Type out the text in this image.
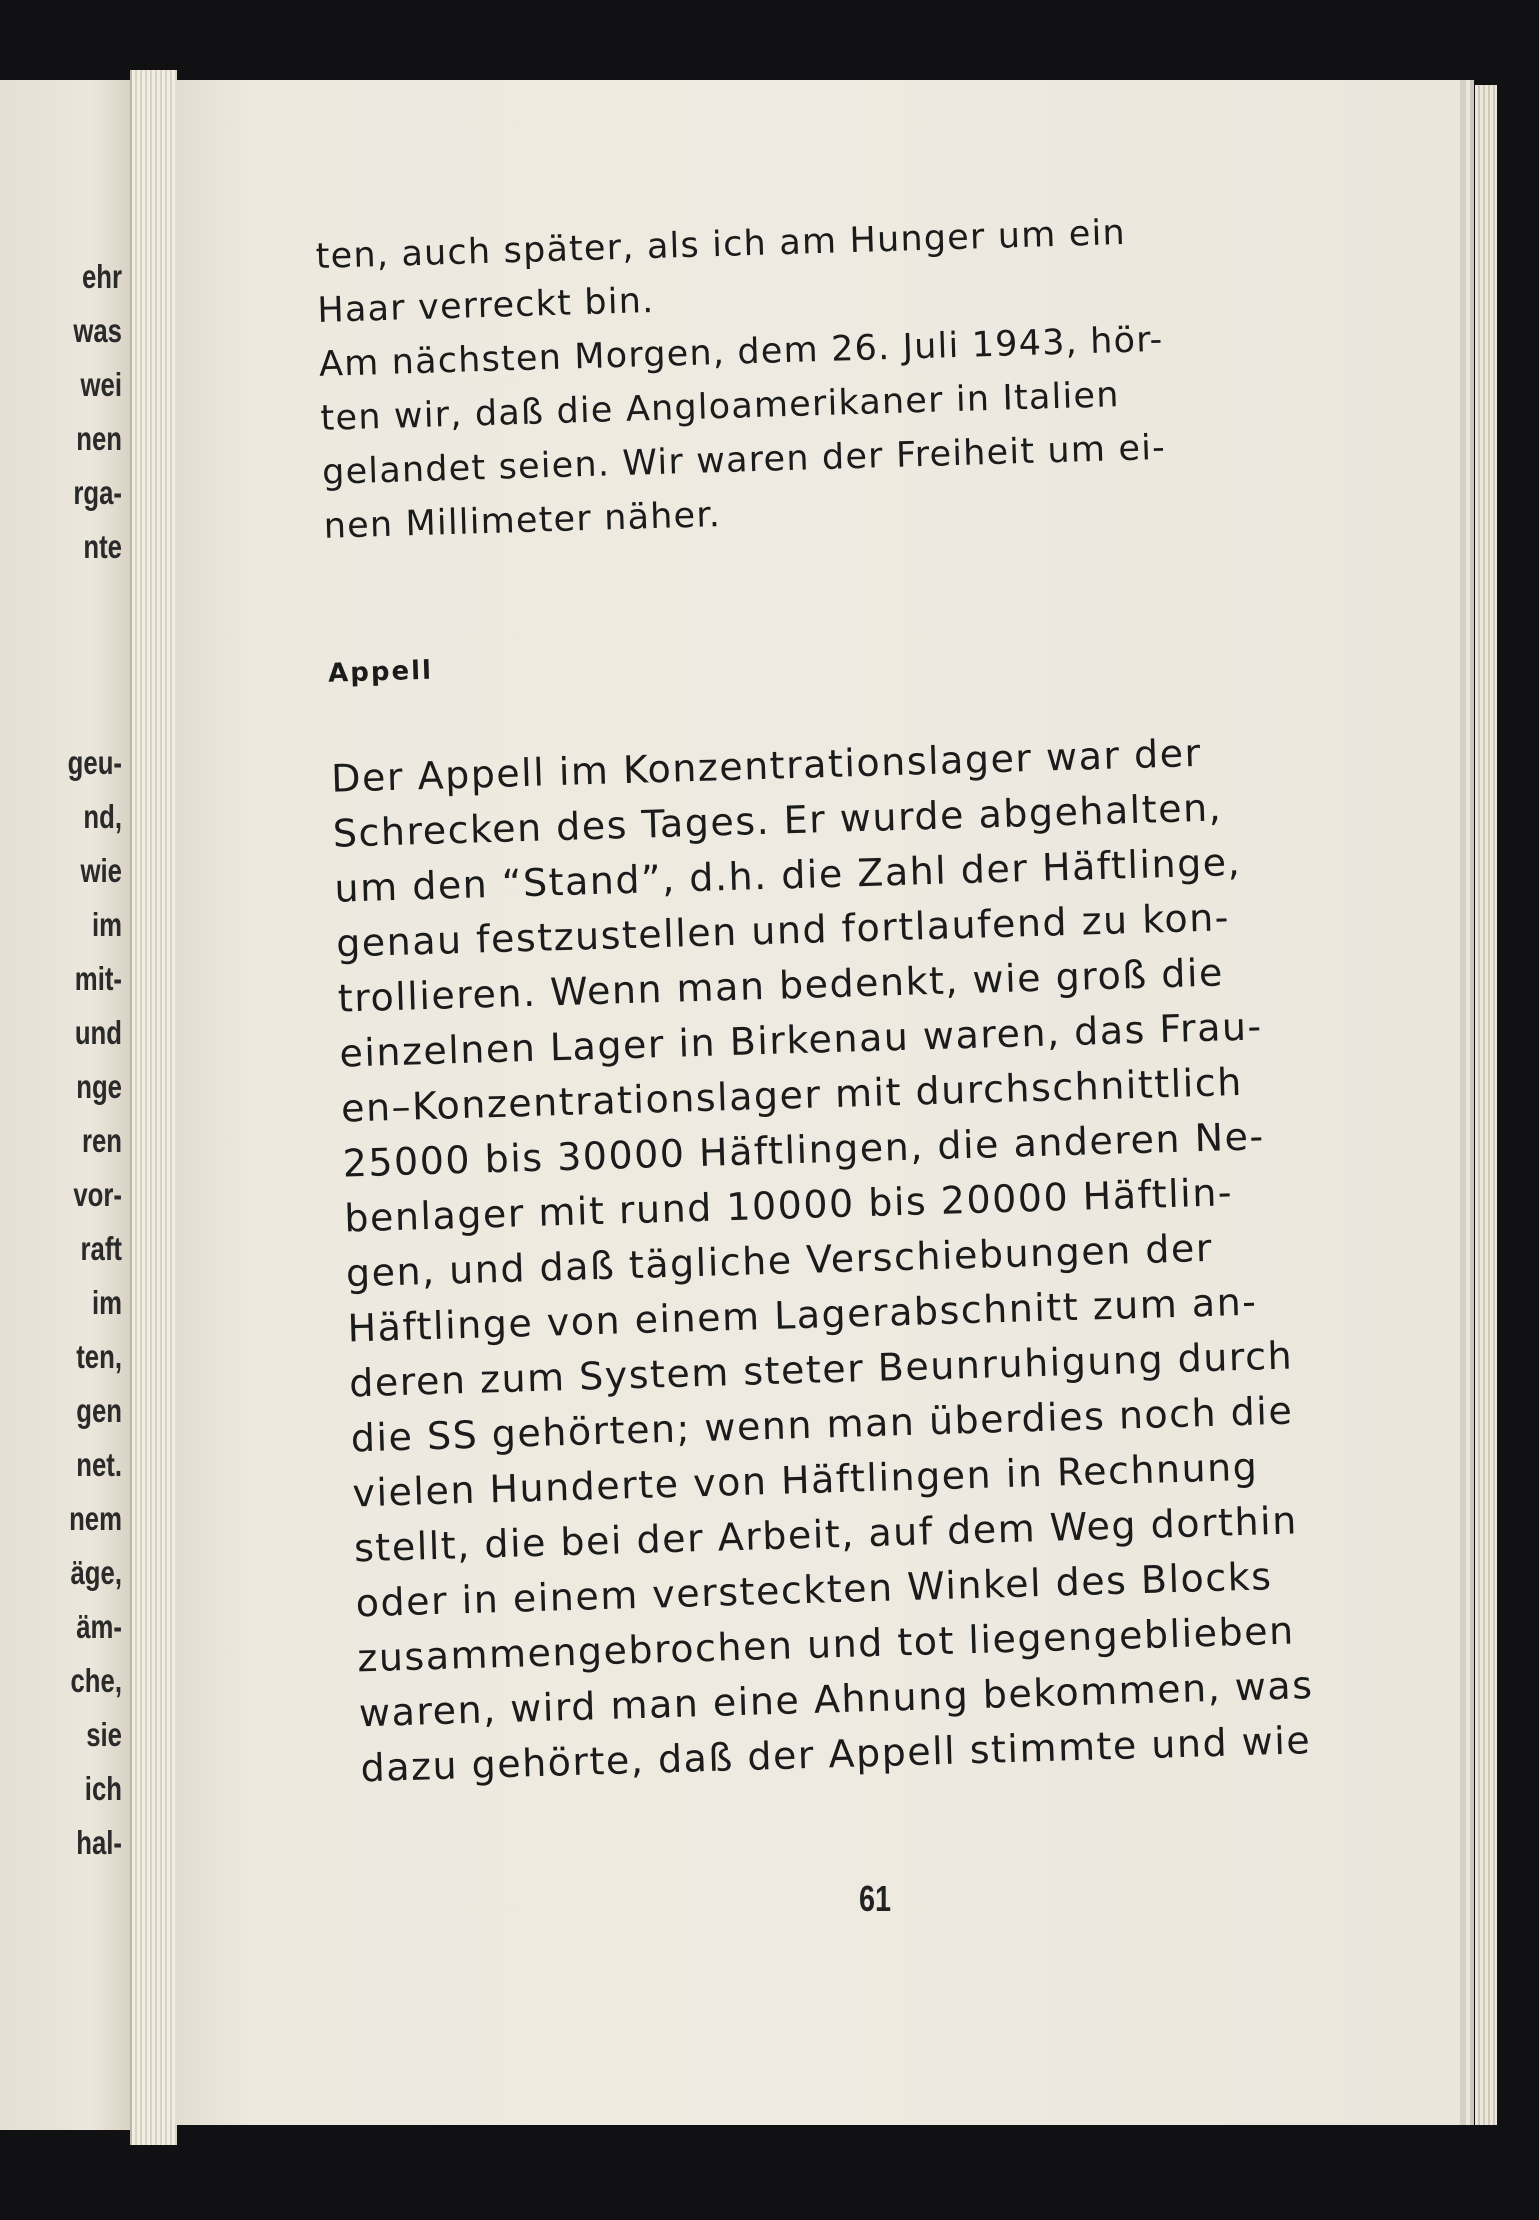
ehr
was
wei
nen
rga-
nte
geu-
nd,
wie
im
mit-
und
nge
ren
vor-
raft
im
ten,
gen
net.
nem
äge,
äm-
che,
sie
ich
hal-
ten, auch später, als ich am Hunger um ein
Haar verreckt bin.
Am nächsten Morgen, dem 26. Juli 1943, hör-
ten wir, daß die Angloamerikaner in Italien
gelandet seien. Wir waren der Freiheit um ei-
nen Millimeter näher.
Appell
Der Appell im Konzentrationslager war der
Schrecken des Tages. Er wurde abgehalten,
um den “Stand”, d.h. die Zahl der Häftlinge,
genau festzustellen und fortlaufend zu kon-
trollieren. Wenn man bedenkt, wie groß die
einzelnen Lager in Birkenau waren, das Frau-
en–Konzentrationslager mit durchschnittlich
25000 bis 30000 Häftlingen, die anderen Ne-
benlager mit rund 10000 bis 20000 Häftlin-
gen, und daß tägliche Verschiebungen der
Häftlinge von einem Lagerabschnitt zum an-
deren zum System steter Beunruhigung durch
die SS gehörten; wenn man überdies noch die
vielen Hunderte von Häftlingen in Rechnung
stellt, die bei der Arbeit, auf dem Weg dorthin
oder in einem versteckten Winkel des Blocks
zusammengebrochen und tot liegengeblieben
waren, wird man eine Ahnung bekommen, was
dazu gehörte, daß der Appell stimmte und wie
61
